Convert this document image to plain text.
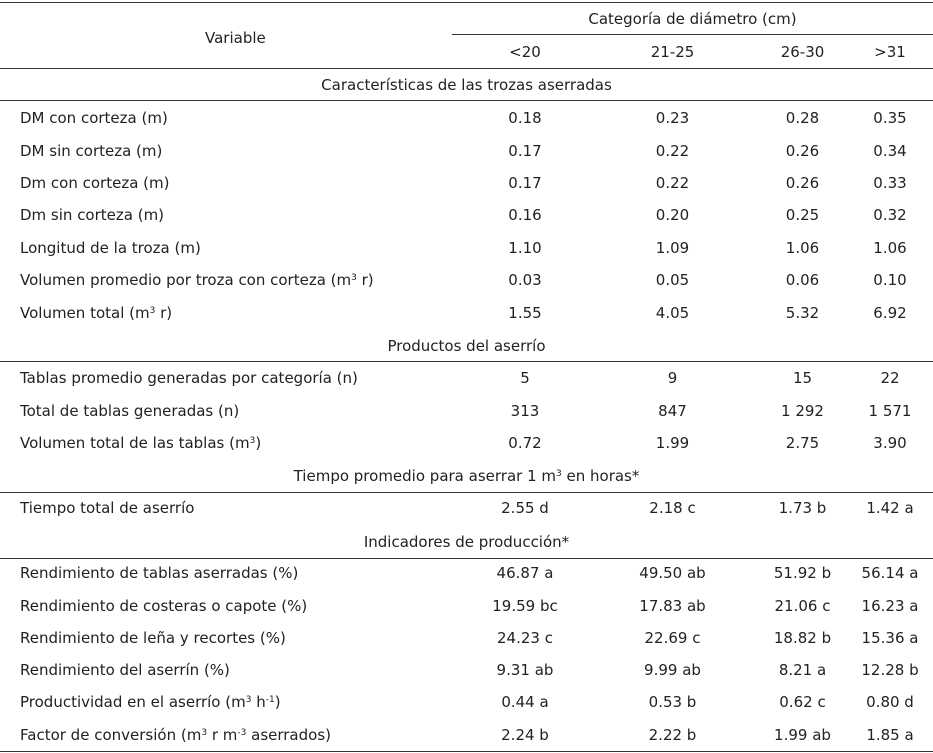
Variable
Categoría de diámetro (cm)
<20	21-25	26-30	>31
Características de las trozas aserradas
DM con corteza (m)	0.18	0.23	0.28	0.35
DM sin corteza (m)	0.17	0.22	0.26	0.34
Dm con corteza (m)	0.17	0.22	0.26	0.33
Dm sin corteza (m)	0.16	0.20	0.25	0.32
Longitud de la troza (m)	1.10	1.09	1.06	1.06
Volumen promedio por troza con corteza ($m^3$ r)	0.03	0.05	0.06	0.10
Volumen total ($m^3$ r)	1.55	4.05	5.32	6.92
Productos del aserrío
Tablas promedio generadas por categoría (n)	5	9	15	22
Total de tablas generadas (n)	313	847	1 292	1 571
Volumen total de las tablas $(m^3)$	0.72	1.99	2.75	3.90
Tiempo promedio para aserrar 1 $m^3$ en horas*
Tiempo total de aserrío	2.55 d	2.18 c	1.73 b	1.42 a
Indicadores de producción*
Rendimiento de tablas aserradas (%)	46.87 a	49.50 ab	51.92 b	56.14 a
Rendimiento de costeras o capote (%)	19.59 bc	17.83 ab	21.06 c	16.23 a
Rendimiento de leña y recortes (%)	24.23 c	22.69 c	18.82 b	15.36 a
Rendimiento del aserrín (%)	9.31 ab	9.99 ab	8.21 a	12.28 b
Productividad en el aserrío ($m^3$ $h^{-1}$)	0.44 a	0.53 b	0.62 c	0.80 d
Factor de conversión ($m^3$ r $m^{-3}$ aserrados)	2.24 b	2.22 b	1.99 ab	1.85 a
